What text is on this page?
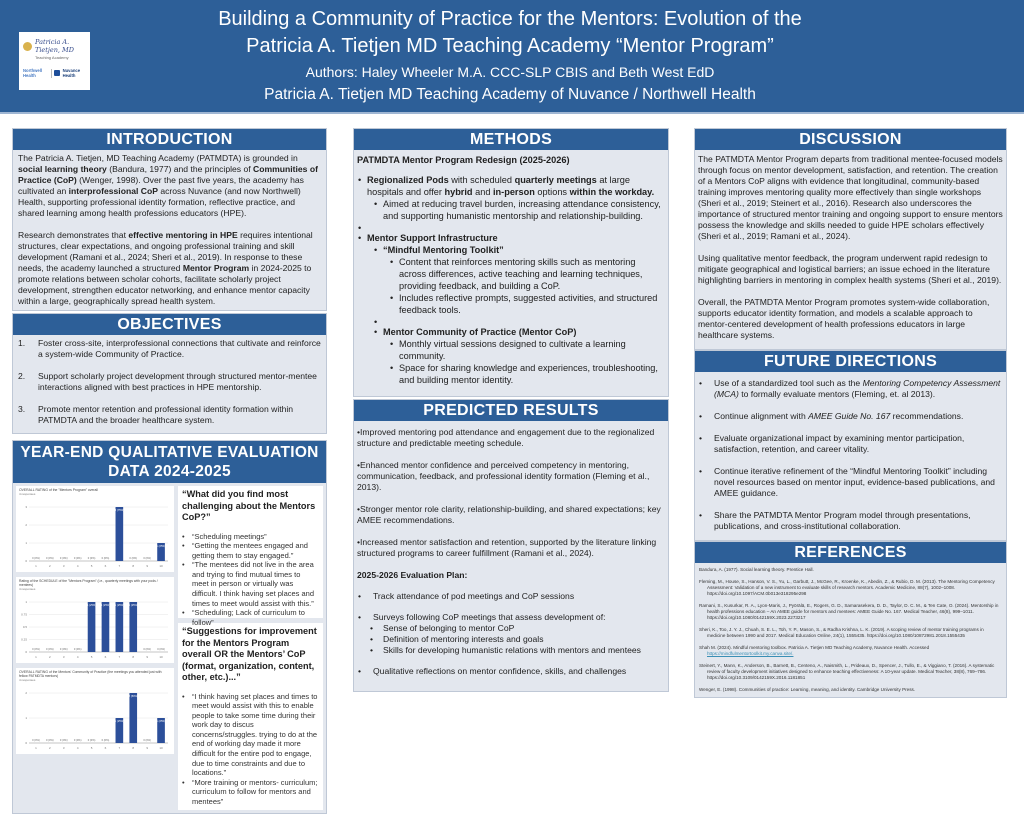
Patricia A. Tietjen, MD
Teaching Academy
Northwell Health
Nuvance Health
Building a Community of Practice for the Mentors: Evolution of the
Patricia A. Tietjen MD Teaching Academy “Mentor Program”
Authors: Haley Wheeler M.A. CCC-SLP CBIS and Beth West EdD
Patricia A. Tietjen MD Teaching Academy of Nuvance / Northwell Health
INTRODUCTION

The Patricia A. Tietjen, MD Teaching Academy (PATMDTA) is grounded in social learning theory (Bandura, 1977) and the principles of Communities of Practice (CoP) (Wenger, 1998). Over the past five years, the academy has cultivated an interprofessional CoP across Nuvance (and now Northwell) Health, supporting professional identity formation, reflective practice, and shared learning among health professions educators (HPE).

Research demonstrates that effective mentoring in HPE requires intentional structures, clear expectations, and ongoing professional training and skill development (Ramani et al., 2024; Sheri et al., 2019). In response to these needs, the academy launched a structured Mentor Program in 2024-2025 to promote relations between scholar cohorts, facilitate scholarly project development, strengthen educator networking, and enhance mentor capacity within a large, geographically spread health system.

OBJECTIVES
1.	Foster cross-site, interprofessional connections that cultivate and reinforce a system-wide Community of Practice.
2.	Support scholarly project development through structured mentor-mentee interactions aligned with best practices in HPE mentorship.
3.	Promote mentor retention and professional identity formation within PATMDTA and the broader healthcare system.
YEAR-END QUALITATIVE EVALUATION
DATA 2024-2025
OVERALL RATING of the "Mentors Program" overall
4 responses
0
1
2
3
0 (0%)
1
0 (0%)
2
0 (0%)
3
0 (0%)
4
0 (0%)
5
0 (0%)
6
3 (75%)
7
0 (0%)
8
0 (0%)
9
1 (25%)
10
Rating of the SCHEDULE of the "Mentors Program" (i.e., quarterly meetings with your pods / mentees)
4 responses
0
0.25
0.5
0.75
1
0 (0%)
1
0 (0%)
2
0 (0%)
3
0 (0%)
4
1 (25%)
5
1 (25%)
6
1 (25%)
7
1 (25%)
8
0 (0%)
9
0 (0%)
10
OVERALL RATING of the Mentors' Community of Practice (the meetings you attended just with fellow PATMDTA mentors)
4 responses
0
1
2
0 (0%)
1
0 (0%)
2
0 (0%)
3
0 (0%)
4
0 (0%)
5
0 (0%)
6
1 (25%)
7
2 (50%)
8
0 (0%)
9
1 (25%)
10
“What did you find most challenging about the Mentors CoP?”
• “Scheduling meetings”
• “Getting the mentees engaged and getting them to stay engaged.”
• “The mentees did not live in the area and trying to find mutual times to meet in person or virtually was difficult. I think having set places and times to meet would assist with this.”
• “Scheduling; Lack of curriculum to follow”
“Suggestions for improvement for the Mentors Program overall OR the Mentors’ CoP (format, organization, content, other, etc.)...”
• “I think having set places and times to meet would assist with this to enable people to take some time during their work day to discus concerns/struggles. trying to do at the end of working day made it more difficult for the entire pod to engage, due to time constraints and due to locations.”
• “More training or mentors- curriculum; curriculum to follow for mentors and mentees”
METHODS
PATMDTA Mentor Program Redesign (2025-2026)
• Regionalized Pods with scheduled quarterly meetings at large hospitals and offer hybrid and in-person options within the workday.
• Aimed at reducing travel burden, increasing attendance consistency, and supporting humanistic mentorship and relationship-building.
•
• Mentor Support Infrastructure
• “Mindful Mentoring Toolkit”
• Content that reinforces mentoring skills such as mentoring across differences, active teaching and learning techniques, providing feedback, and building a CoP.
• Includes reflective prompts, suggested activities, and structured feedback tools.
•
• Mentor Community of Practice (Mentor CoP)
• Monthly virtual sessions designed to cultivate a learning community.
• Space for sharing knowledge and experiences, troubleshooting, and building mentor identity.
PREDICTED RESULTS

•Improved mentoring pod attendance and engagement due to the regionalized structure and predictable meeting schedule.

•Enhanced mentor confidence and perceived competency in mentoring, communication, feedback, and professional identity formation (Fleming et al., 2013).

•Stronger mentor role clarity, relationship-building, and shared expectations; key AMEE recommendations.

•Increased mentor satisfaction and retention, supported by the literature linking structured programs to career fulfillment (Ramani et al., 2024).

2025-2026 Evaluation Plan:
• Track attendance of pod meetings and CoP sessions
• Surveys following CoP meetings that assess development of:
• Sense of belonging to mentor CoP
• Definition of mentoring interests and goals
• Skills for developing humanistic relations with mentors and mentees
• Qualitative reflections on mentor confidence, skills, and challenges
DISCUSSION

The PATMDTA Mentor Program departs from traditional mentee-focused models through focus on mentor development, satisfaction, and retention. The creation of a Mentors CoP aligns with evidence that longitudinal, community-based training improves mentoring quality more effectively than single workshops (Sheri et al., 2019; Steinert et al., 2016). Research also underscores the importance of structured mentor training and ongoing support to ensure mentors possess the knowledge and skills needed to guide HPE scholars effectively (Sheri et al., 2019; Ramani et al., 2024).

Using qualitative mentor feedback, the program underwent rapid redesign to mitigate geographical and logistical barriers; an issue echoed in the literature highlighting barriers in mentoring in complex health systems (Sheri et al., 2019).

Overall, the PATMDTA Mentor Program promotes system-wide collaboration, supports educator identity formation, and models a scalable approach to mentor-centered development of health professions educators in large healthcare systems.

FUTURE DIRECTIONS
• Use of a standardized tool such as the Mentoring Competency Assessment (MCA) to formally evaluate mentors (Fleming, et. al 2013).
• Continue alignment with AMEE Guide No. 167 recommendations.
• Evaluate organizational impact by examining mentor participation, satisfaction, retention, and career vitality.
• Continue iterative refinement of the “Mindful Mentoring Toolkit” including novel resources based on mentor input, evidence-based publications, and AMEE guidance.
• Share the PATMDTA Mentor Program model through presentations, publications, and cross-institutional collaboration.
REFERENCES

Bandura, A. (1977). Social learning theory. Prentice Hall.

Fleming, M., House, S., Hanson, V. S., Yu, L., Garbutt, J., McGee, R., Kroenke, K., Abedin, Z., & Rubio, D. M. (2013). The Mentoring Competency Assessment: Validation of a new instrument to evaluate skills of research mentors. Academic Medicine, 88(7), 1002–1008. https://doi.org/10.1097/ACM.0b013e318295e298

Ramani, S., Kusurkar, R. A., Lyon-Maris, J., Pyörälä, E., Rogers, G. D., Samarasekera, D. D., Taylor, D. C. M., & Ten Cate, O. (2024). Mentorship in health professions education – An AMEE guide for mentors and mentees: AMEE Guide No. 167. Medical Teacher, 46(8), 999–1011. https://doi.org/10.1080/0142159X.2023.2273217

Sheri, K., Too, J. Y. J., Chuah, S. E. L., Toh, Y. P., Mason, S., & Radha Krishna, L. K. (2019). A scoping review of mentor training programs in medicine between 1990 and 2017. Medical Education Online, 24(1), 1555435. https://doi.org/10.1080/10872981.2018.1555435

Shah M. (2024). Mindful mentoring toolbox. Patricia A. Tietjen MD Teaching Academy, Nuvance Health. Accessed https://mindfulmentortoolkit.my.canva.site/.

Steinert, Y., Mann, K., Anderson, B., Barnett, B., Centeno, A., Naismith, L., Prideaux, D., Spencer, J., Tullo, E., & Viggiano, T. (2016). A systematic review of faculty development initiatives designed to enhance teaching effectiveness: A 10-year update. Medical Teacher, 38(8), 769–786. https://doi.org/10.3109/0142159X.2016.1181851

Wenger, E. (1998). Communities of practice: Learning, meaning, and identity. Cambridge University Press.
